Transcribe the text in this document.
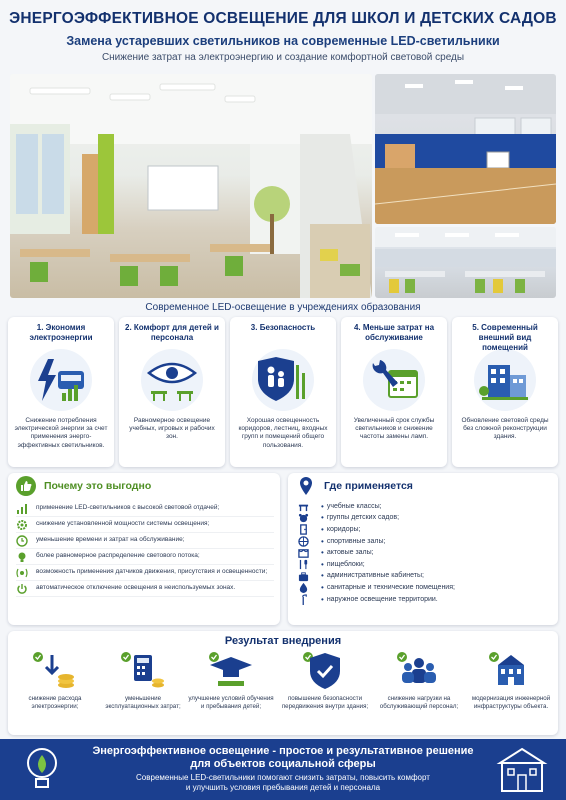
ЭНЕРГОЭФФЕКТИВНОЕ ОСВЕЩЕНИЕ ДЛЯ ШКОЛ И ДЕТСКИХ САДОВ
Замена устаревших светильников на современные LED-светильники
Снижение затрат на электроэнергию и создание комфортной световой среды
Современное LED-освещение в учреждениях образования
1. Экономия электроэнергии
Снижение потребления электрической энергии за счет применения энерго-эффективных светильников.
2. Комфорт для детей и персонала
Равномерное освещение учебных, игровых и рабочих зон.
3. Безопасность
Хорошая освещенность коридоров, лестниц, входных групп и помещений общего пользования.
4. Меньше затрат на обслуживание
Увеличенный срок службы светильников и снижение частоты замены ламп.
5. Современный внешний вид помещений
Обновление световой среды без сложной реконструкции здания.
Почему это выгодно
применение LED-светильников с высокой световой отдачей;
снижение установленной мощности системы освещения;
уменьшение времени и затрат на обслуживание;
более равномерное распределение светового потока;
возможность применения датчиков движения, присутствия и освещенности;
автоматическое отключение освещения в неиспользуемых зонах.
Где применяется
• учебные классы;
• группы детских садов;
• коридоры;
• спортивные залы;
• актовые залы;
• пищеблоки;
• административные кабинеты;
• санитарные и технические помещения;
• наружное освещение территории.
Результат внедрения
снижение расхода электроэнергии;
уменьшение эксплуатационных затрат;
улучшение условий обучения и пребывания детей;
повышение безопасности передвижения внутри здания;
снижение нагрузки на обслуживающий персонал;
модернизация инженерной инфраструктуры объекта.
Энергоэффективное освещение - простое и результативное решение
для объектов социальной сферы
Современные LED-светильники помогают снизить затраты, повысить комфорт
и улучшить условия пребывания детей и персонала
